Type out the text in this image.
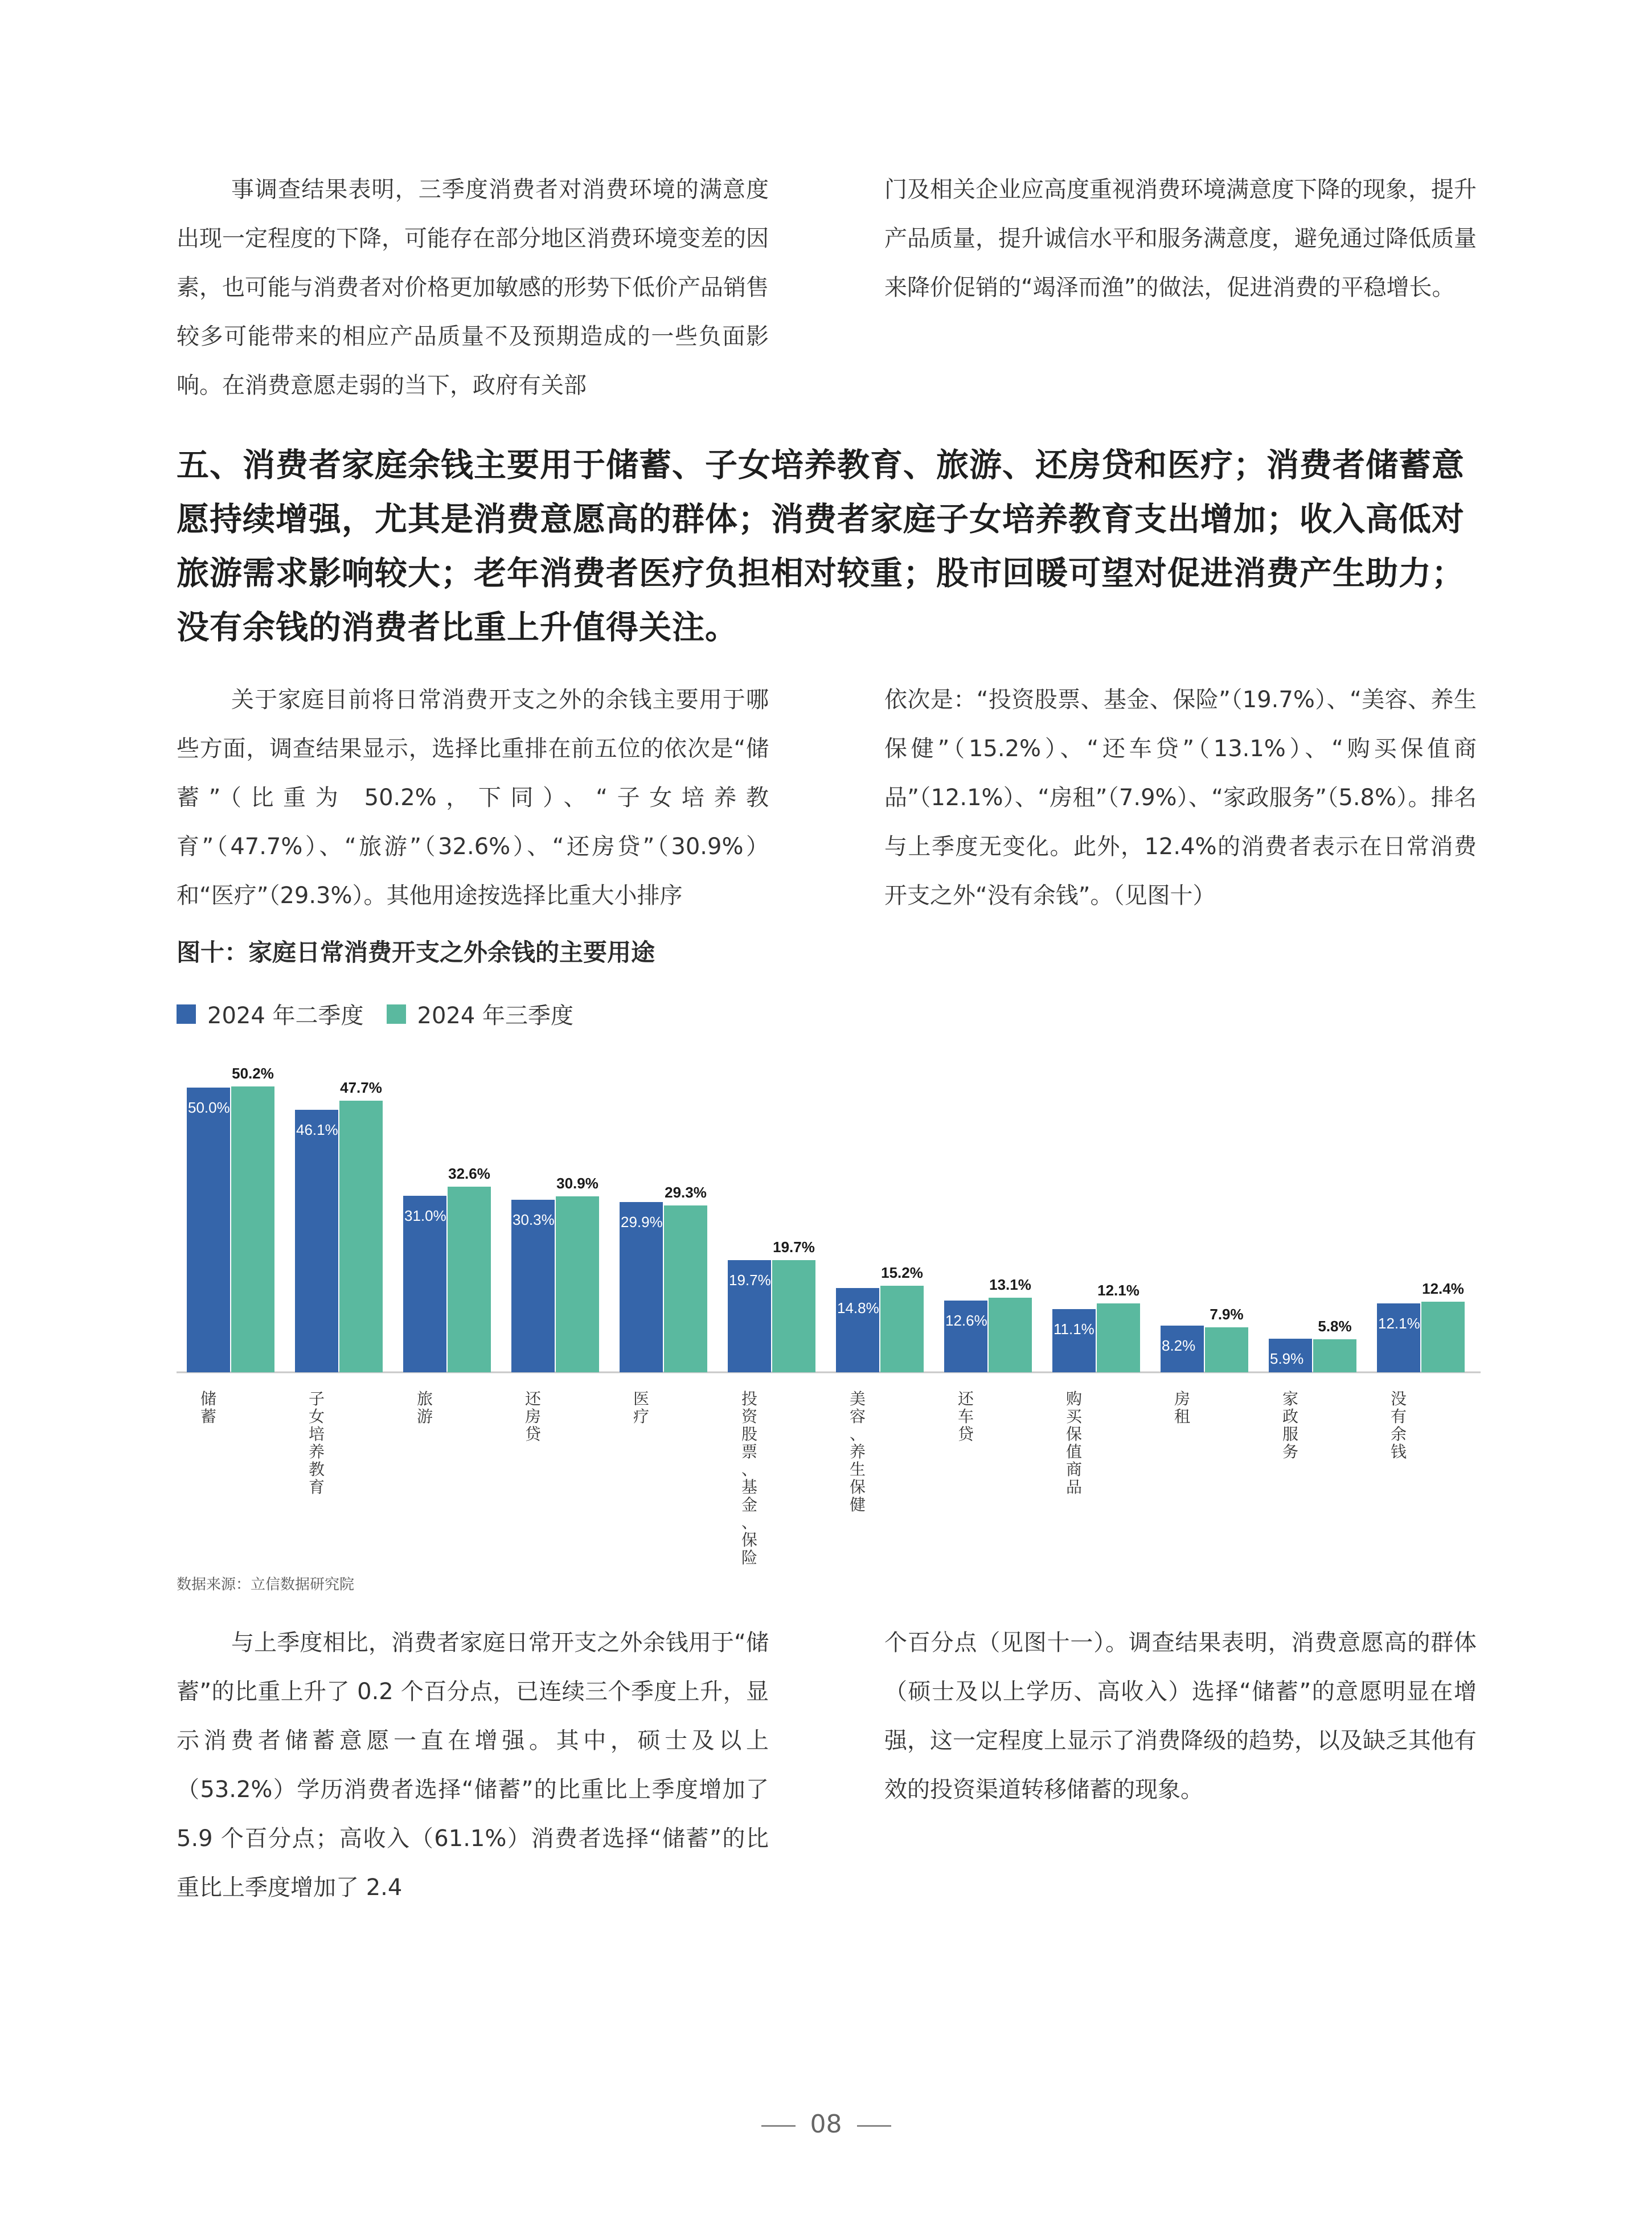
事调查结果表明，三季度消费者对消费环境的满意度出现一定程度的下降，可能存在部分地区消费环境变差的因素，也可能与消费者对价格更加敏感的形势下低价产品销售较多可能带来的相应产品质量不及预期造成的一些负面影响。在消费意愿走弱的当下，政府有关部

门及相关企业应高度重视消费环境满意度下降的现象，提升产品质量，提升诚信水平和服务满意度，避免通过降低质量来降价促销的“竭泽而渔”的做法，促进消费的平稳增长。

五、消费者家庭余钱主要用于储蓄、子女培养教育、旅游、还房贷和医疗；消费者储蓄意愿持续增强，尤其是消费意愿高的群体；消费者家庭子女培养教育支出增加；收入高低对旅游需求影响较大；老年消费者医疗负担相对较重；股市回暖可望对促进消费产生助力；没有余钱的消费者比重上升值得关注。

关于家庭目前将日常消费开支之外的余钱主要用于哪些方面，调查结果显示，选择比重排在前五位的依次是“储蓄”（比重为 50.2%，下同）、“子女培养教育”（47.7%）、“旅游”（32.6%）、“还房贷”（30.9%）和“医疗”（29.3%）。其他用途按选择比重大小排序

依次是：“投资股票、基金、保险”（19.7%）、“美容、养生保健”（15.2%）、“还车贷”（13.1%）、“购买保值商品”（12.1%）、“房租”（7.9%）、“家政服务”（5.8%）。排名与上季度无变化。此外，12.4%的消费者表示在日常消费开支之外“没有余钱”。（见图十）

图十：家庭日常消费开支之外余钱的主要用途
2024 年二季度 2024 年三季度
50.0%
50.2%
储蓄
46.1%
47.7%
子女培养教育
31.0%
32.6%
旅游
30.3%
30.9%
还房贷
29.9%
29.3%
医疗
19.7%
19.7%
投资股票、基金、保险
14.8%
15.2%
美容、养生保健
12.6%
13.1%
还车贷
11.1%
12.1%
购买保值商品
8.2%
7.9%
房租
5.9%
5.8%
家政服务
12.1%
12.4%
没有余钱
数据来源：立信数据研究院

与上季度相比，消费者家庭日常开支之外余钱用于“储蓄”的比重上升了 0.2 个百分点，已连续三个季度上升，显示消费者储蓄意愿一直在增强。其中，硕士及以上（53.2%）学历消费者选择“储蓄”的比重比上季度增加了 5.9 个百分点；高收入（61.1%）消费者选择“储蓄”的比重比上季度增加了 2.4

个百分点（见图十一）。调查结果表明，消费意愿高的群体（硕士及以上学历、高收入）选择“储蓄”的意愿明显在增强，这一定程度上显示了消费降级的趋势，以及缺乏其他有效的投资渠道转移储蓄的现象。

08
